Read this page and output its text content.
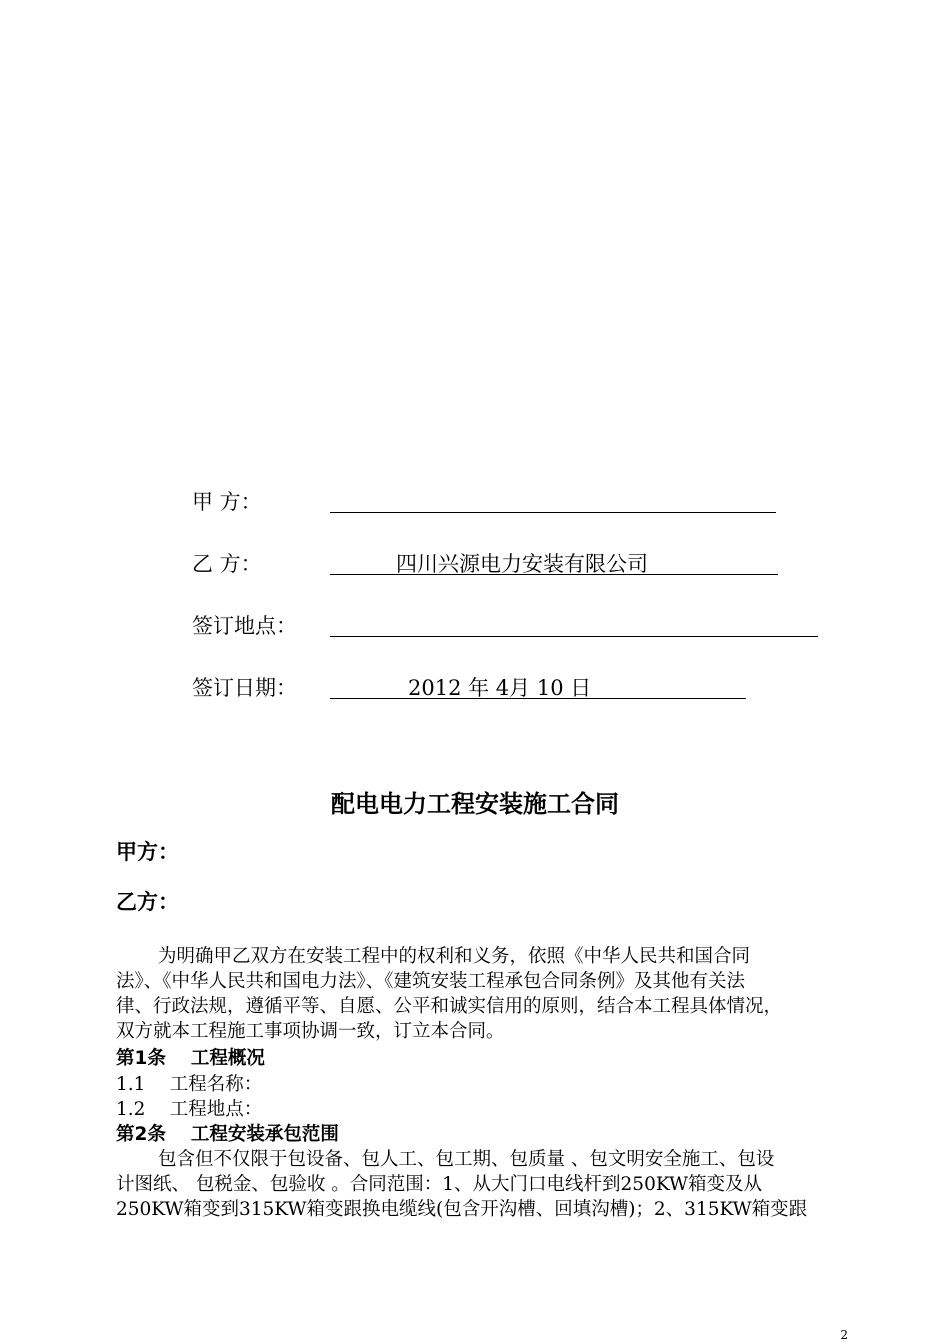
甲 方：
乙 方：	四川兴源电力安装有限公司
签订地点：
签订日期：	2012 年 4月 10 日
配电电力工程安装施工合同
甲方：
乙方：
为明确甲乙双方在安装工程中的权利和义务，依照《中华人民共和国合同
法》、《中华人民共和国电力法》、《建筑安装工程承包合同条例》及其他有关法
律、行政法规，遵循平等、自愿、公平和诚实信用的原则，结合本工程具体情况，
双方就本工程施工事项协调一致，订立本合同。
第1条　 工程概况
1.1 　工程名称：
1.2 　工程地点：
第2条　 工程安装承包范围
包含但不仅限于包设备、包人工、包工期、包质量 、包文明安全施工、包设
计图纸、 包税金、包验收 。合同范围：1、从大门口电线杆到250KW箱变及从
250KW箱变到315KW箱变跟换电缆线(包含开沟槽、回填沟槽)；2、315KW箱变跟
2
